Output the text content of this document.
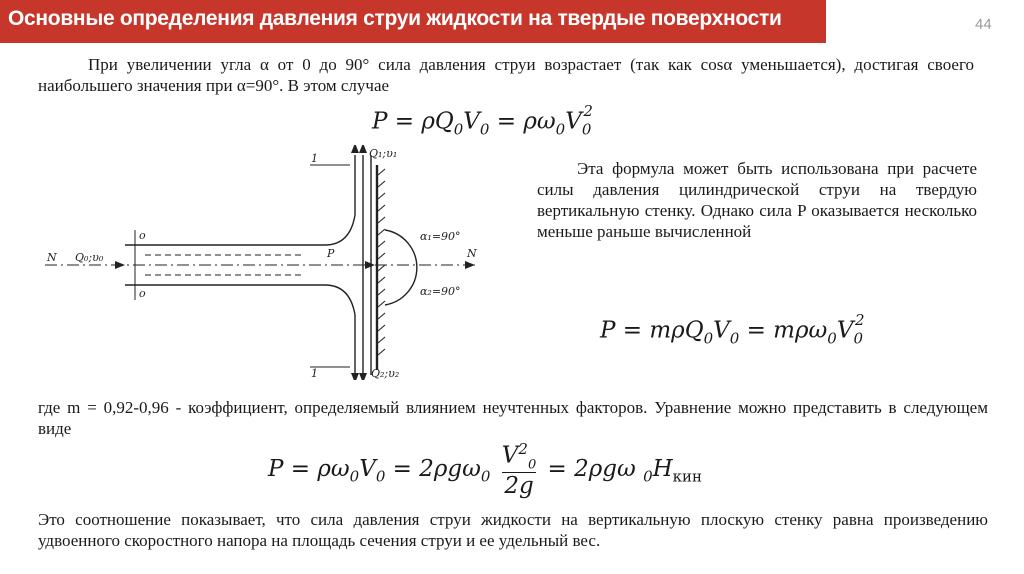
Основные определения давления струи жидкости на твердые поверхности	44
При увеличении угла α от 0 до 90° сила давления струи возрастает (так как cosα уменьшается), достигая своего наибольшего значения при α=90°. В этом случае
$P = \rho Q_0V_0 = \rho\omega_0V_0^2$
N Q₀;υ₀
Q₁;υ₁
Q₂;υ₂
P	N
α₁=90°
α₂=90°
1
1
о
о
Эта формула может быть использована при расчете силы давления цилиндрической струи на твердую вертикальную стенку. Однако сила P оказывается несколько меньше раньше вычисленной
$P = m\rho Q_0V_0 = m\rho\omega_0V_0^2$
где m = 0,92-0,96 - коэффициент, определяемый влиянием неучтенных факторов. Уравнение можно представить в следующем виде
$P = \rho\omega_0V_0 = 2\rho g\omega_0 \frac{V^2_0}{2g} = 2\rho g\omega$ $_0H_{кин}$
Это соотношение показывает, что сила давления струи жидкости на вертикальную плоскую стенку равна произведению удвоенного скоростного напора на площадь сечения струи и ее удельный вес.
